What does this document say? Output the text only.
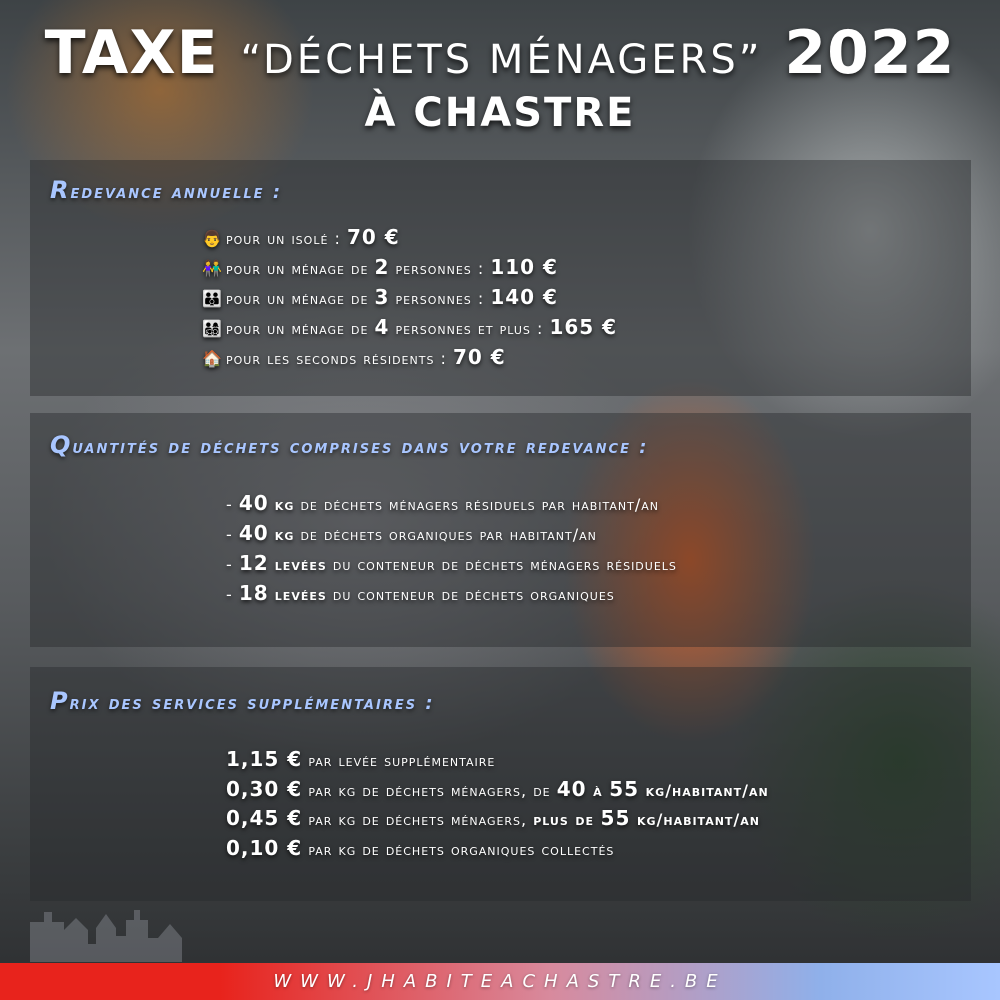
TAXE “DÉCHETS MÉNAGERS” 2022
À CHASTRE
Redevance annuelle :
👨 pour un isolé : 70 €
👫 pour un ménage de 2 personnes : 110 €
👪 pour un ménage de 3 personnes : 140 €
👨‍👩‍👧‍👦 pour un ménage de 4 personnes et plus : 165 €
🏠 pour les seconds résidents : 70 €
Quantités de déchets comprises dans votre redevance :
- 40 kg de déchets ménagers résiduels par habitant/an
- 40 kg de déchets organiques par habitant/an
- 12 levées du conteneur de déchets ménagers résiduels
- 18 levées du conteneur de déchets organiques
Prix des services supplémentaires :
1,15 € par levée supplémentaire
0,30 € par kg de déchets ménagers, de 40 à 55 kg/habitant/an
0,45 € par kg de déchets ménagers, plus de 55 kg/habitant/an
0,10 € par kg de déchets organiques collectés
WWW.JHABITEACHASTRE.BE
